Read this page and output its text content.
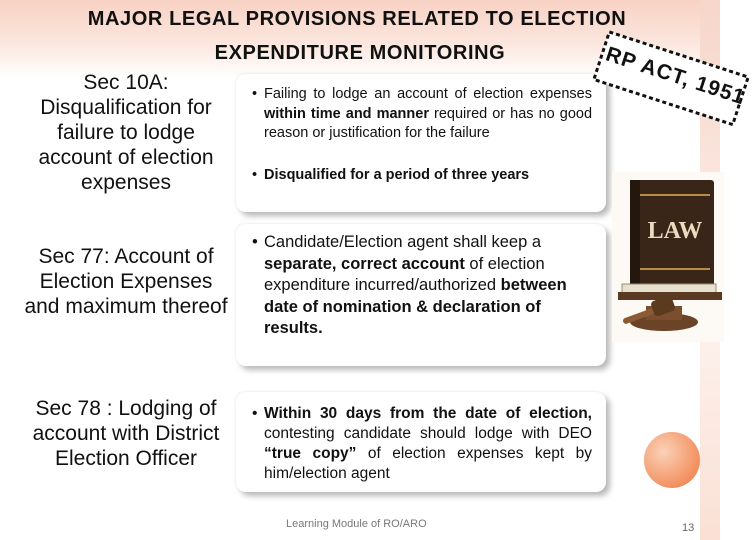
MAJOR LEGAL PROVISIONS RELATED TO ELECTION
EXPENDITURE MONITORING
Sec 10A: Disqualification for failure to lodge account of election expenses
Sec 77: Account of Election Expenses and maximum thereof
Sec 78 : Lodging of account with District Election Officer
• Failing to lodge an account of election expenses within time and manner required or has no good reason or justification for the failure
• Disqualified for a period of three years
• Candidate/Election agent shall keep a separate, correct account of election expenditure incurred/authorized between date of nomination & declaration of results.
• Within 30 days from the date of election, contesting candidate should lodge with DEO “true copy” of election expenses kept by him/election agent
RP ACT, 1951
LAW
Learning Module of RO/ARO	13
